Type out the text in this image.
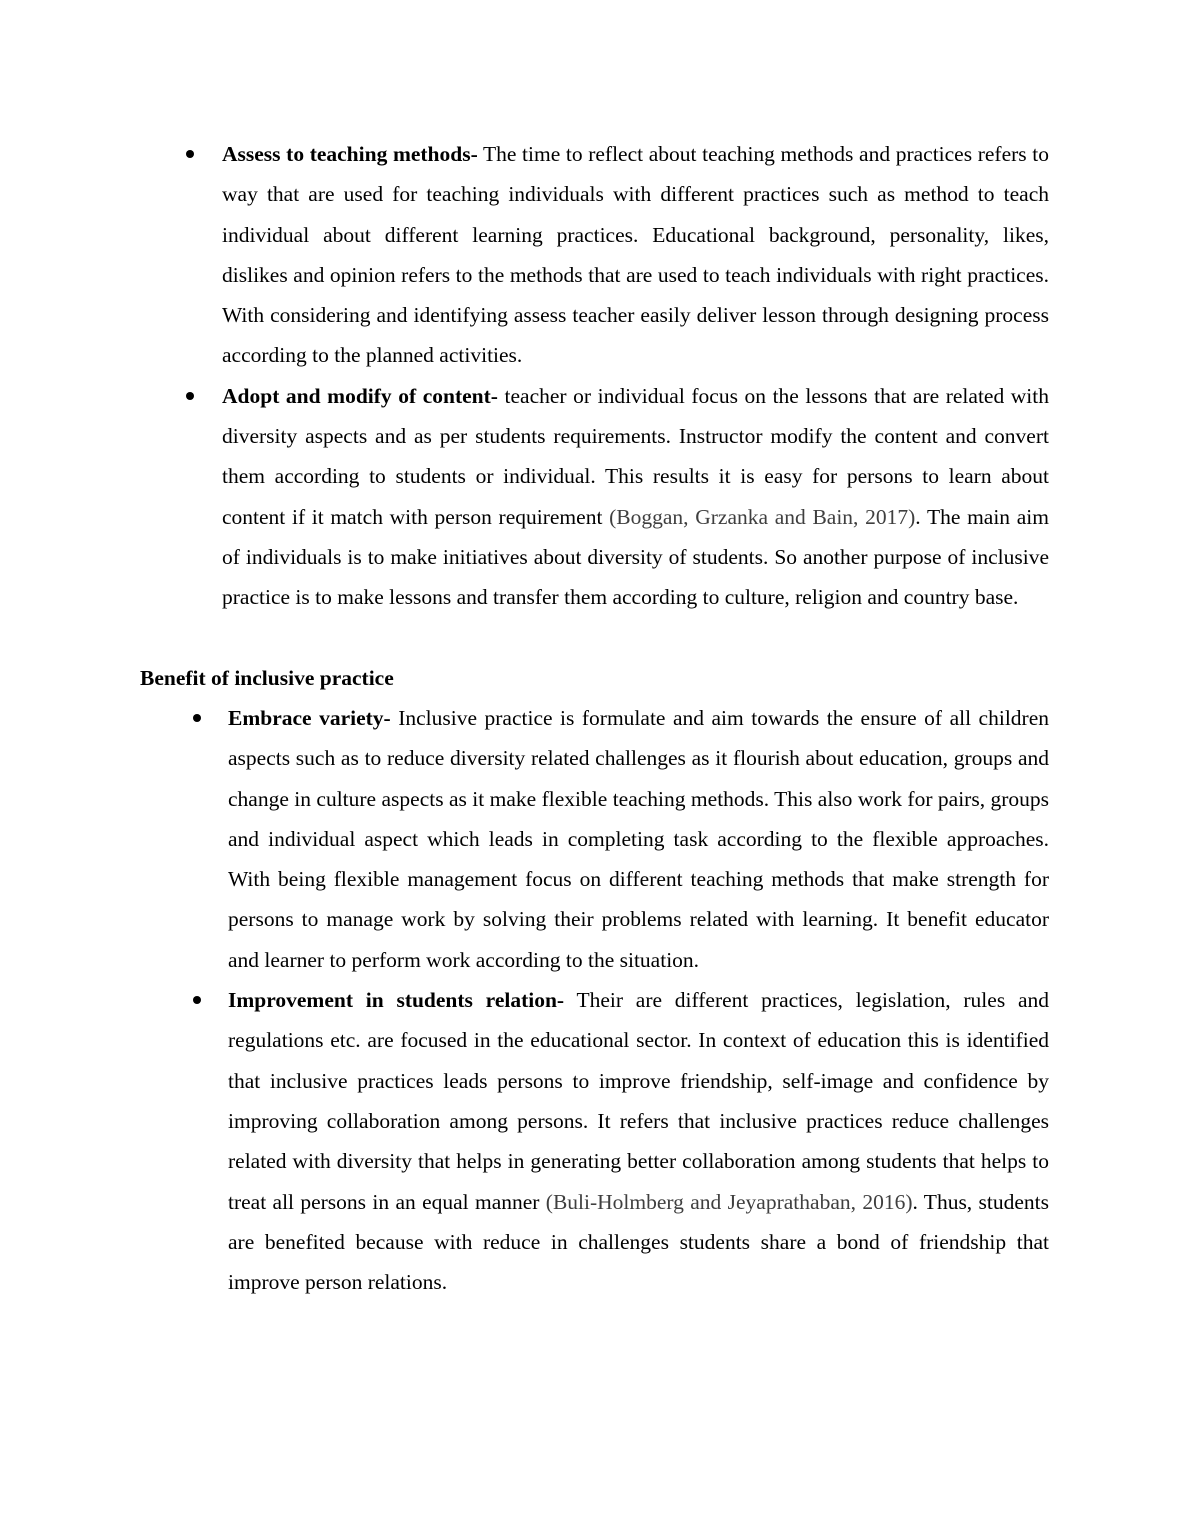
Assess to teaching methods- The time to reflect about teaching methods and practices refers to way that are used for teaching individuals with different practices such as method to teach individual about different learning practices. Educational background, personality, likes, dislikes and opinion refers to the methods that are used to teach individuals with right practices. With considering and identifying assess teacher easily deliver lesson through designing process according to the planned activities.
Adopt and modify of content- teacher or individual focus on the lessons that are related with diversity aspects and as per students requirements. Instructor modify the content and convert them according to students or individual. This results it is easy for persons to learn about content if it match with person requirement (Boggan, Grzanka and Bain, 2017). The main aim of individuals is to make initiatives about diversity of students. So another purpose of inclusive practice is to make lessons and transfer them according to culture, religion and country base.
Benefit of inclusive practice
Embrace variety- Inclusive practice is formulate and aim towards the ensure of all children aspects such as to reduce diversity related challenges as it flourish about education, groups and change in culture aspects as it make flexible teaching methods. This also work for pairs, groups and individual aspect which leads in completing task according to the flexible approaches. With being flexible management focus on different teaching methods that make strength for persons to manage work by solving their problems related with learning. It benefit educator and learner to perform work according to the situation.
Improvement in students relation- Their are different practices, legislation, rules and regulations etc. are focused in the educational sector. In context of education this is identified that inclusive practices leads persons to improve friendship, self-image and confidence by improving collaboration among persons. It refers that inclusive practices reduce challenges related with diversity that helps in generating better collaboration among students that helps to treat all persons in an equal manner (Buli-Holmberg and Jeyaprathaban, 2016). Thus, students are benefited because with reduce in challenges students share a bond of friendship that improve person relations.
